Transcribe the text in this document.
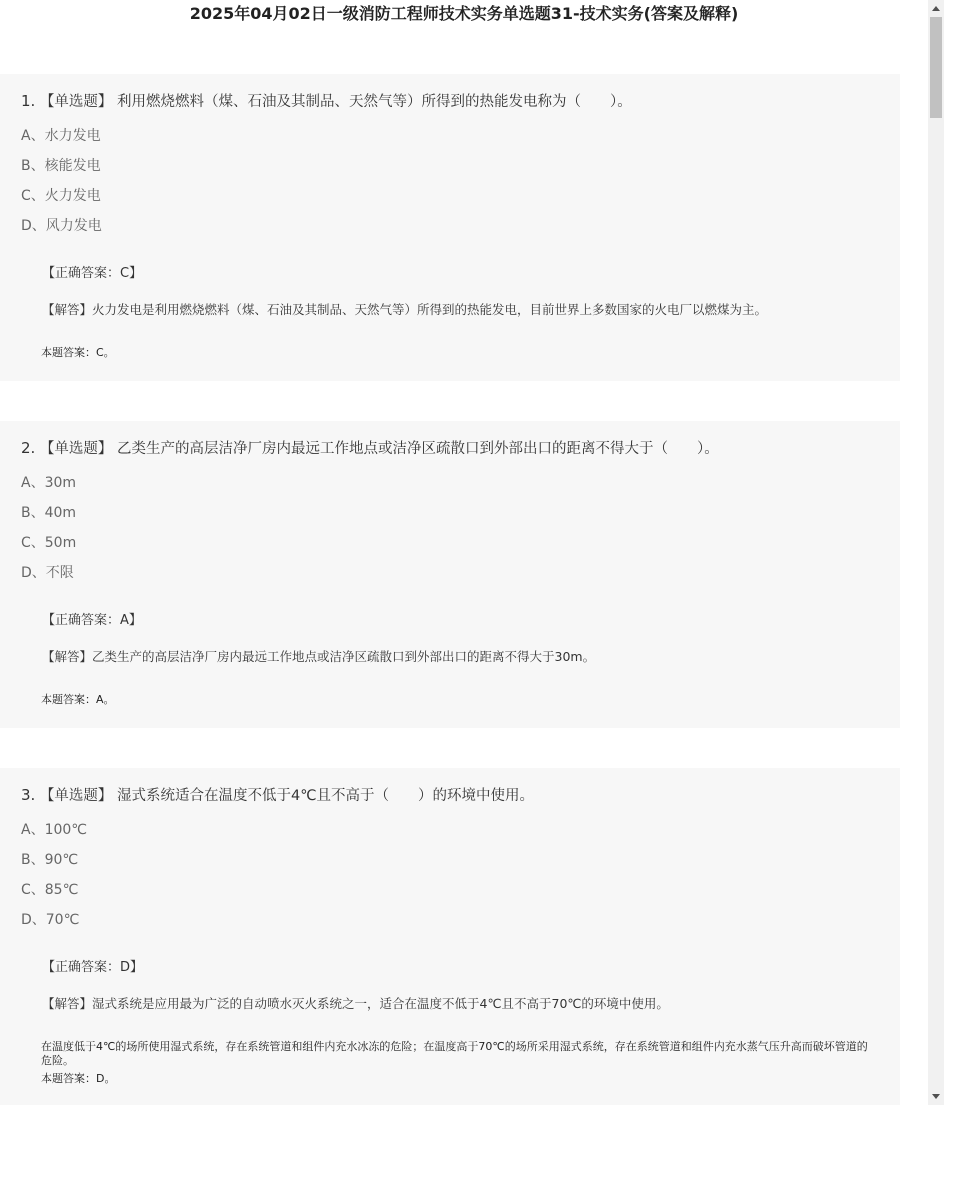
2025年04月02日一级消防工程师技术实务单选题31-技术实务(答案及解释)
1. 【单选题】 利用燃烧燃料（煤、石油及其制品、天然气等）所得到的热能发电称为（　　）。
A、水力发电
B、核能发电
C、火力发电
D、风力发电
【正确答案：C】
【解答】火力发电是利用燃烧燃料（煤、石油及其制品、天然气等）所得到的热能发电，目前世界上多数国家的火电厂以燃煤为主。
本题答案：C。
2. 【单选题】 乙类生产的高层洁净厂房内最远工作地点或洁净区疏散口到外部出口的距离不得大于（　　）。
A、30m
B、40m
C、50m
D、不限
【正确答案：A】
【解答】乙类生产的高层洁净厂房内最远工作地点或洁净区疏散口到外部出口的距离不得大于30m。
本题答案：A。
3. 【单选题】 湿式系统适合在温度不低于4℃且不高于（　　）的环境中使用。
A、100℃
B、90℃
C、85℃
D、70℃
【正确答案：D】
【解答】湿式系统是应用最为广泛的自动喷水灭火系统之一，适合在温度不低于4℃且不高于70℃的环境中使用。
在温度低于4℃的场所使用湿式系统，存在系统管道和组件内充水冰冻的危险；在温度高于70℃的场所采用湿式系统，存在系统管道和组件内充水蒸气压升高而破坏管道的危险。
本题答案：D。
